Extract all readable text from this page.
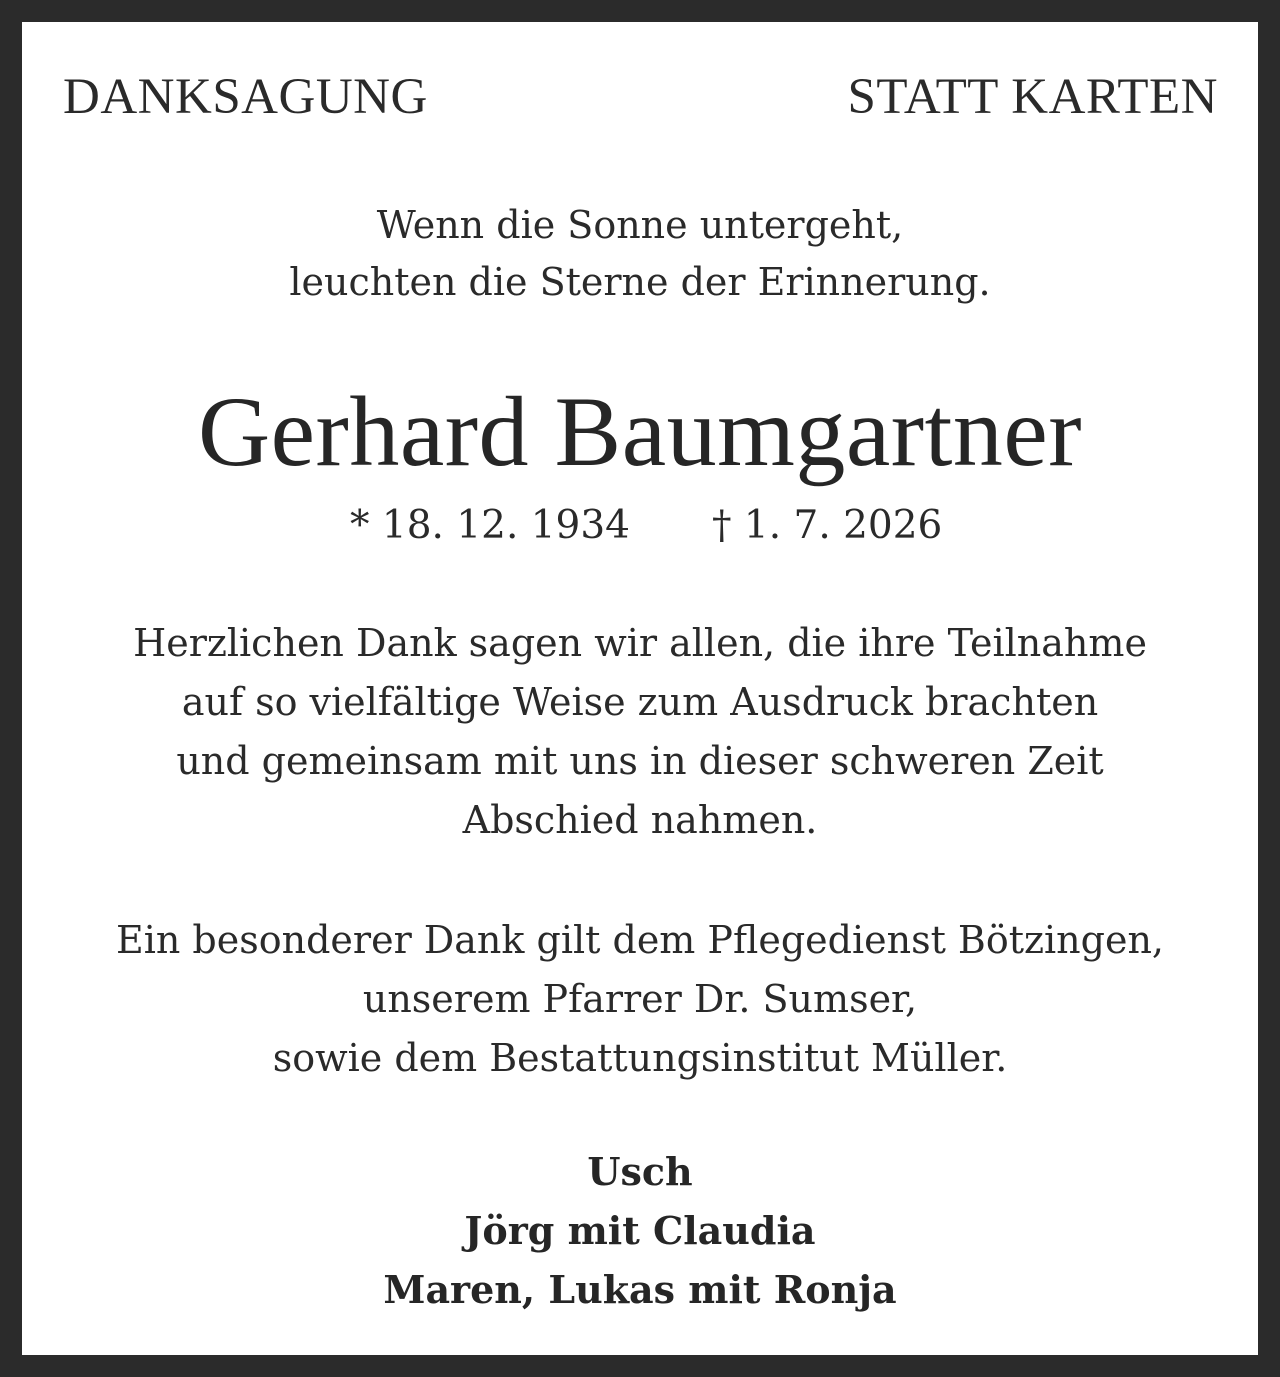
DANKSAGUNG	STATT KARTEN
Wenn die Sonne untergeht,
leuchten die Sterne der Erinnerung.
Gerhard Baumgartner
* 18. 12. 1934 † 1. 7. 2026
Herzlichen Dank sagen wir allen, die ihre Teilnahme
auf so vielfältige Weise zum Ausdruck brachten
und gemeinsam mit uns in dieser schweren Zeit
Abschied nahmen.
Ein besonderer Dank gilt dem Pflegedienst Bötzingen,
unserem Pfarrer Dr. Sumser,
sowie dem Bestattungsinstitut Müller.
Usch
Jörg mit Claudia
Maren, Lukas mit Ronja
